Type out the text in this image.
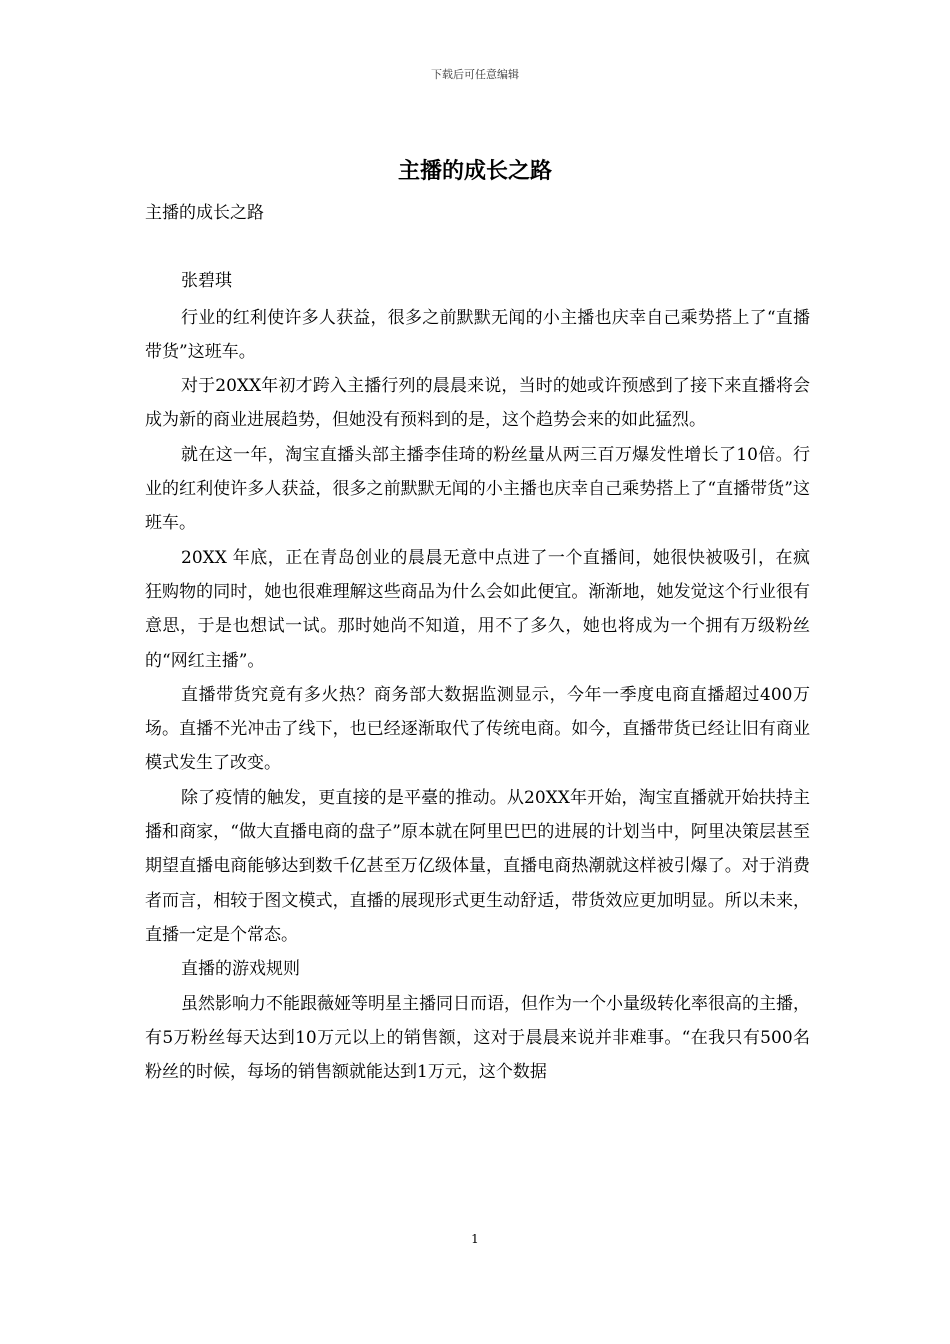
下载后可任意编辑
主播的成长之路

主播的成长之路

张碧琪

行业的红利使许多人获益，很多之前默默无闻的小主播也庆幸自己乘势搭上了“直播带货”这班车。

对于20XX年初才跨入主播行列的晨晨来说，当时的她或许预感到了接下来直播将会成为新的商业进展趋势，但她没有预料到的是，这个趋势会来的如此猛烈。

就在这一年，淘宝直播头部主播李佳琦的粉丝量从两三百万爆发性增长了10倍。行业的红利使许多人获益，很多之前默默无闻的小主播也庆幸自己乘势搭上了“直播带货”这班车。

20XX 年底，正在青岛创业的晨晨无意中点进了一个直播间，她很快被吸引，在疯狂购物的同时，她也很难理解这些商品为什么会如此便宜。渐渐地，她发觉这个行业很有意思，于是也想试一试。那时她尚不知道，用不了多久，她也将成为一个拥有万级粉丝的“网红主播”。

直播带货究竟有多火热？商务部大数据监测显示，今年一季度电商直播超过400万场。直播不光冲击了线下，也已经逐渐取代了传统电商。如今，直播带货已经让旧有商业模式发生了改变。

除了疫情的触发，更直接的是平臺的推动。从20XX年开始，淘宝直播就开始扶持主播和商家，“做大直播电商的盘子”原本就在阿里巴巴的进展的计划当中，阿里决策层甚至期望直播电商能够达到数千亿甚至万亿级体量，直播电商热潮就这样被引爆了。对于消费者而言，相较于图文模式，直播的展现形式更生动舒适，带货效应更加明显。所以未来，直播一定是个常态。

直播的游戏规则

虽然影响力不能跟薇娅等明星主播同日而语，但作为一个小量级转化率很高的主播，有5万粉丝每天达到10万元以上的销售额，这对于晨晨来说并非难事。“在我只有500名粉丝的时候，每场的销售额就能达到1万元，这个数据

1
